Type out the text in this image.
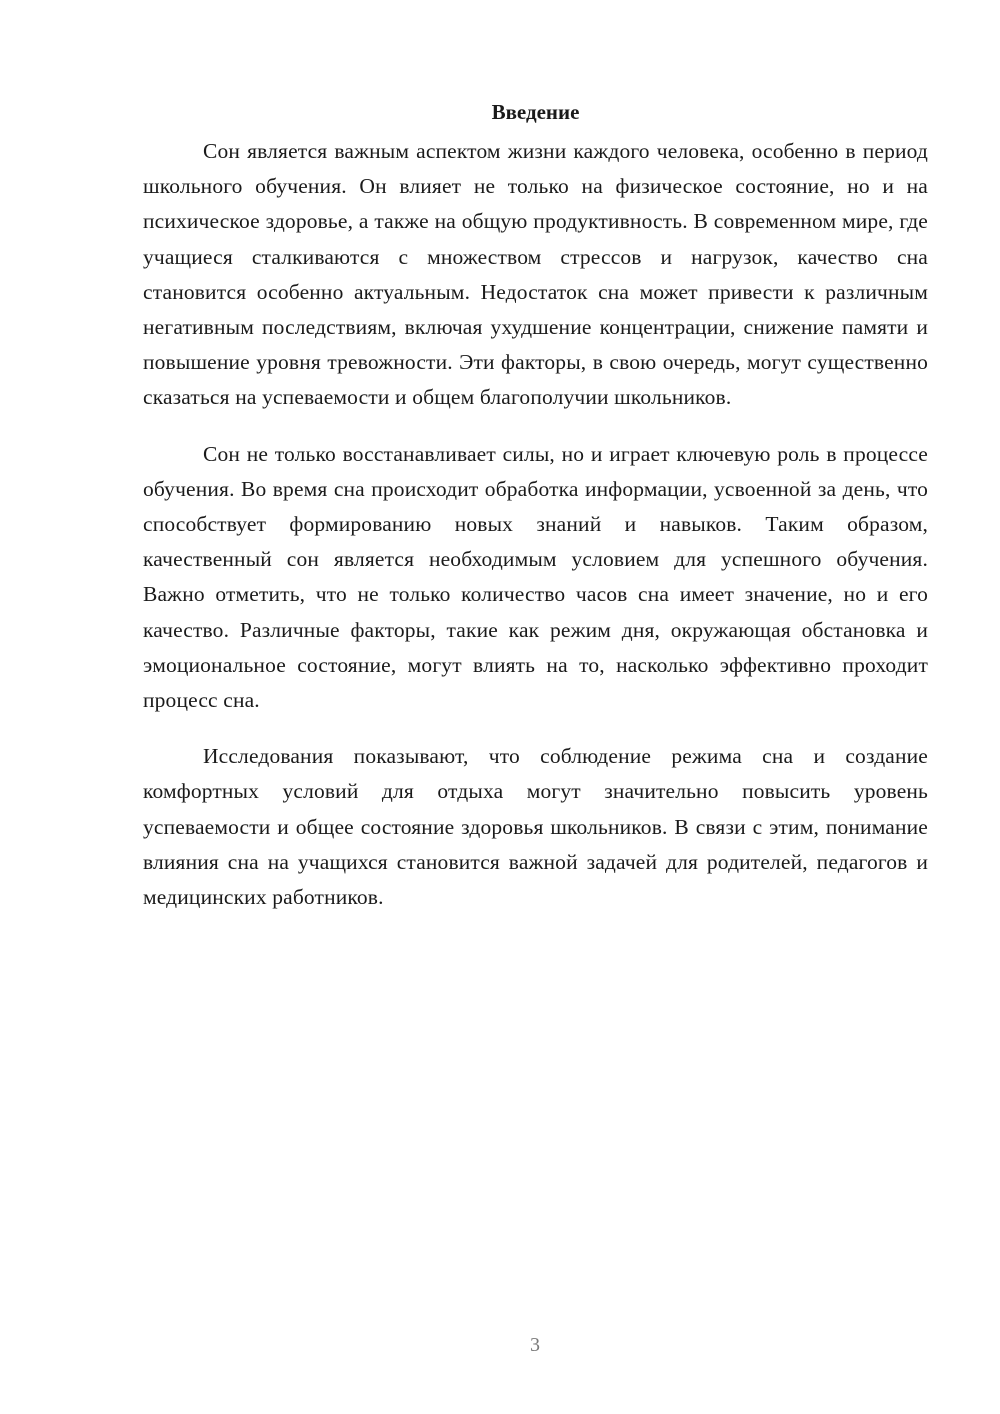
Введение

Сон является важным аспектом жизни каждого человека, особенно в период школьного обучения. Он влияет не только на физическое состояние, но и на психическое здоровье, а также на общую продуктивность. В современном мире, где учащиеся сталкиваются с множеством стрессов и нагрузок, качество сна становится особенно актуальным. Недостаток сна может привести к различным негативным последствиям, включая ухудшение концентрации, снижение памяти и повышение уровня тревожности. Эти факторы, в свою очередь, могут существенно сказаться на успеваемости и общем благополучии школьников.

Сон не только восстанавливает силы, но и играет ключевую роль в процессе обучения. Во время сна происходит обработка информации, усвоенной за день, что способствует формированию новых знаний и навыков. Таким образом, качественный сон является необходимым условием для успешного обучения. Важно отметить, что не только количество часов сна имеет значение, но и его качество. Различные факторы, такие как режим дня, окружающая обстановка и эмоциональное состояние, могут влиять на то, насколько эффективно проходит процесс сна.

Исследования показывают, что соблюдение режима сна и создание комфортных условий для отдыха могут значительно повысить уровень успеваемости и общее состояние здоровья школьников. В связи с этим, понимание влияния сна на учащихся становится важной задачей для родителей, педагогов и медицинских работников.

3
